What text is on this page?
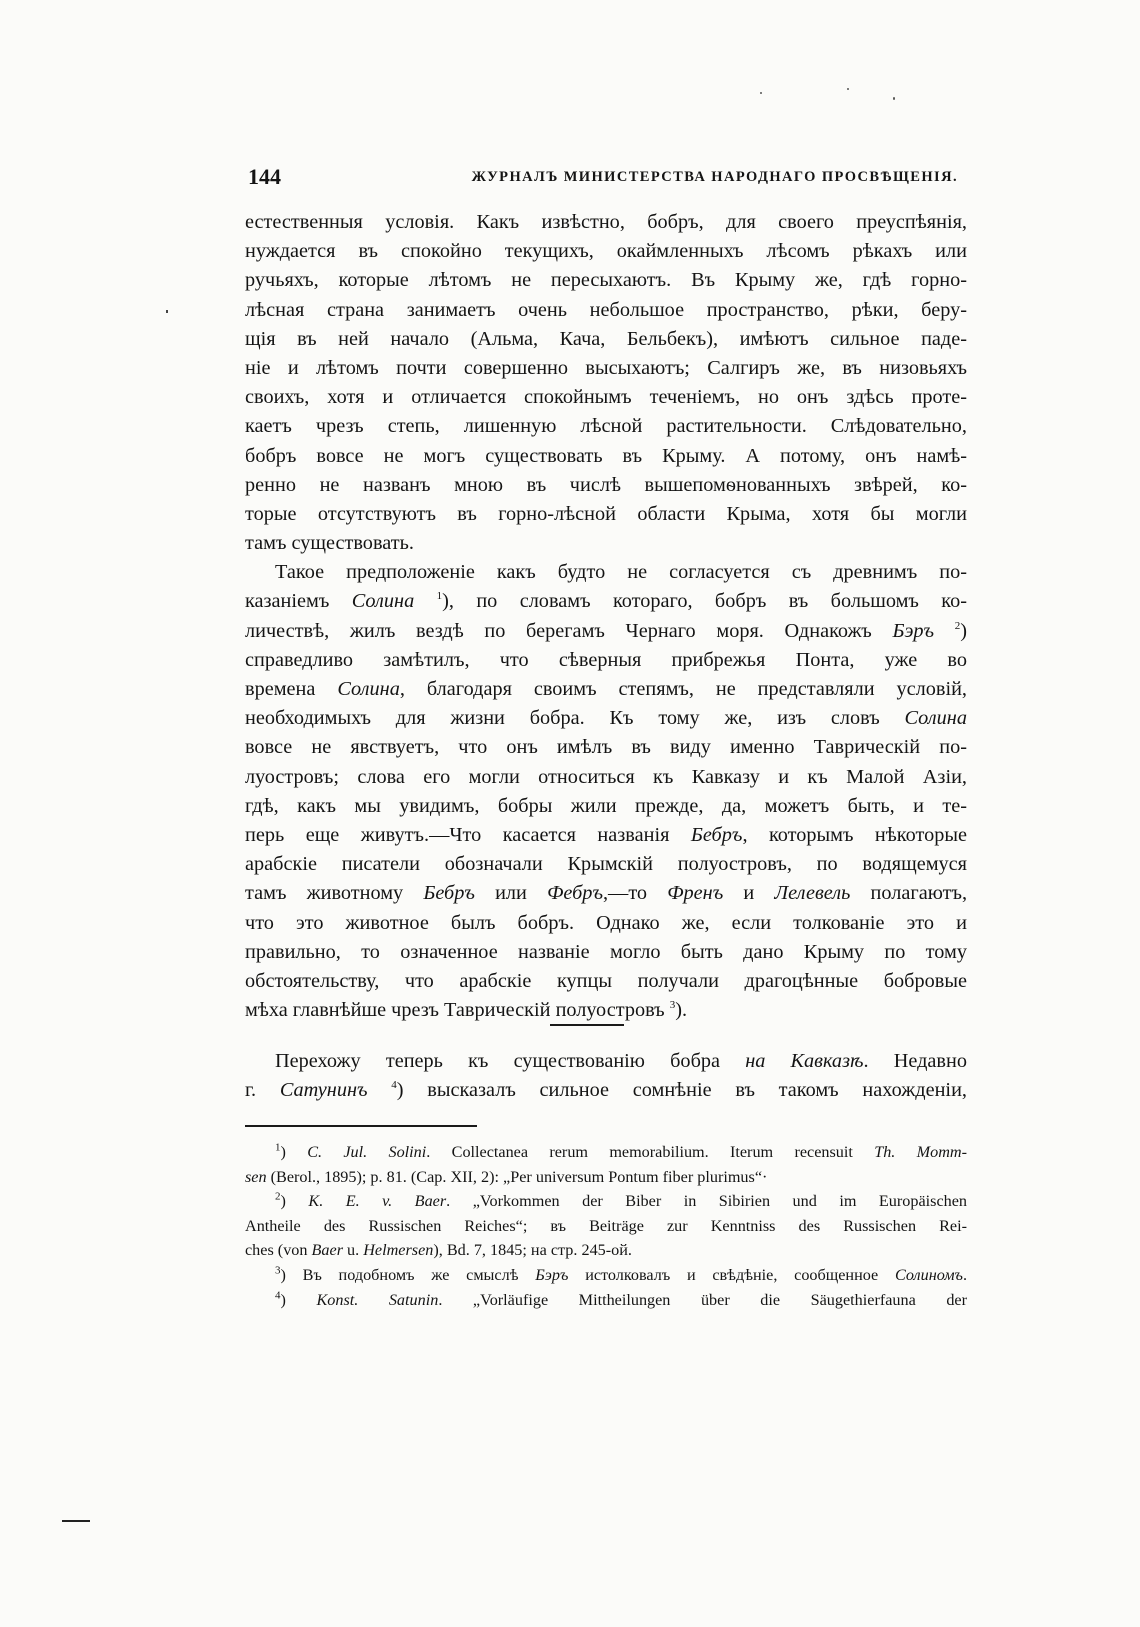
144	ЖУРНАЛЪ МИНИСТЕРСТВА НАРОДНАГО ПРОСВѢЩЕНІЯ.
естественныя условія. Какъ извѣстно, бобръ, для своего преуспѣянія,
нуждается въ спокойно текущихъ, окаймленныхъ лѣсомъ рѣкахъ или
ручьяхъ, которые лѣтомъ не пересыхаютъ. Въ Крыму же, гдѣ горно-
лѣсная страна занимаетъ очень небольшое пространство, рѣки, беру-
щія въ ней начало (Альма, Кача, Бельбекъ), имѣютъ сильное паде-
ніе и лѣтомъ почти совершенно высыхаютъ; Салгиръ же, въ низовьяхъ
своихъ, хотя и отличается спокойнымъ теченіемъ, но онъ здѣсь проте-
каетъ чрезъ степь, лишенную лѣсной растительности. Слѣдовательно,
бобръ вовсе не могъ существовать въ Крыму. А потому, онъ намѣ-
ренно не названъ мною въ числѣ вышепомѳнованныхъ звѣрей, ко-
торые отсутствуютъ въ горно-лѣсной области Крыма, хотя бы могли
тамъ существовать.
Такое предположеніе какъ будто не согласуется съ древнимъ по-
казаніемъ Солина $^1$), по словамъ котораго, бобръ въ большомъ ко-
личествѣ, жилъ вездѣ по берегамъ Чернаго моря. Однакожъ Бэръ $^2$)
справедливо замѣтилъ, что сѣверныя прибрежья Понта, уже во
времена Солина, благодаря своимъ степямъ, не представляли условій,
необходимыхъ для жизни бобра. Къ тому же, изъ словъ Солина
вовсе не явствуетъ, что онъ имѣлъ въ виду именно Таврическій по-
луостровъ; слова его могли относиться къ Кавказу и къ Малой Азіи,
гдѣ, какъ мы увидимъ, бобры жили прежде, да, можетъ быть, и те-
перь еще живутъ.—Что касается названія Бебръ, которымъ нѣкоторые
арабскіе писатели обозначали Крымскій полуостровъ, по водящемуся
тамъ животному Бебръ или Фебръ,—то Френъ и Лелевель полагаютъ,
что это животное былъ бобръ. Однако же, если толкованіе это и
правильно, то означенное названіе могло быть дано Крыму по тому
обстоятельству, что арабскіе купцы получали драгоцѣнные бобровые
мѣха главнѣйше чрезъ Таврическій полуостровъ $^3$).
Перехожу теперь къ существованію бобра на Кавказѣ. Недавно
г. Сатунинъ $^4$) высказалъ сильное сомнѣніе въ такомъ нахожденіи,
$^1$) С. Jul. Solini. Collectanea rerum memorabilium. Iterum recensuit Th. Momm-
sen (Berol., 1895); p. 81. (Cap. XII, 2): „Per universum Pontum fiber plurimus“·
$^2$) K. E. v. Baer. „Vorkommen der Biber in Sibirien und im Europäischen
Antheile des Russischen Reiches“; въ Beiträge zur Kenntniss des Russischen Rei-
ches (von Baer u. Helmersen), Bd. 7, 1845; на стр. 245-ой.
$^3$) Въ подобномъ же смыслѣ Бэръ истолковалъ и свѣдѣніе, сообщенное Солиномъ.
$^4$) Konst. Satunin. „Vorläufige Mittheilungen über die Säugethierfauna der
